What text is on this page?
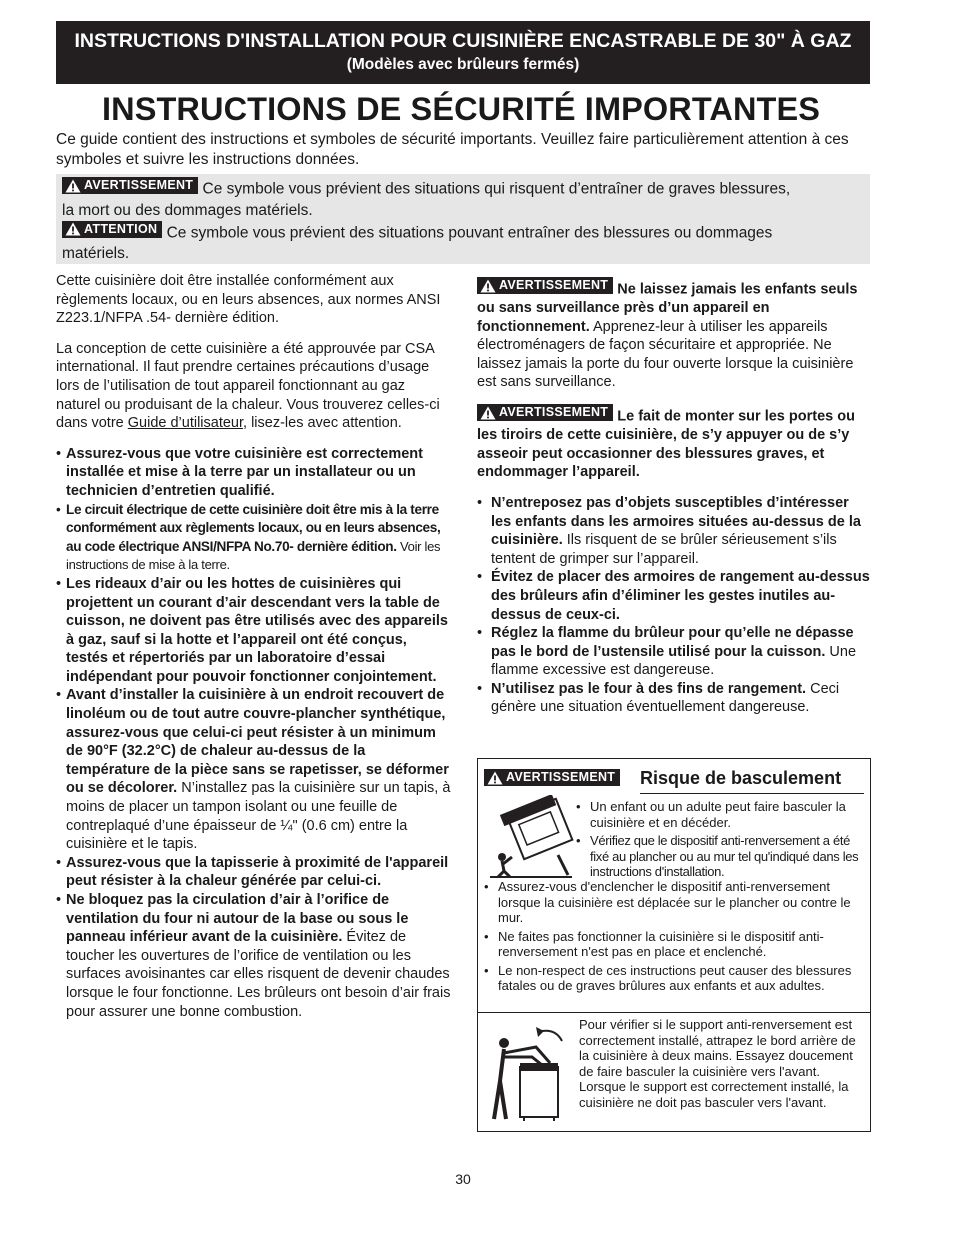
INSTRUCTIONS D'INSTALLATION POUR CUISINIÈRE ENCASTRABLE DE 30" À GAZ
(Modèles avec brûleurs fermés)
INSTRUCTIONS DE SÉCURITÉ IMPORTANTES
Ce guide contient des instructions et symboles de sécurité importants. Veuillez faire particulièrement attention à ces symboles et suivre les instructions données.
AVERTISSEMENT Ce symbole vous prévient des situations qui risquent d’entraîner de graves blessures,
la mort ou des dommages matériels.
ATTENTION Ce symbole vous prévient des situations pouvant entraîner des blessures ou dommages
matériels.

Cette cuisinière doit être installée conformément aux règlements locaux, ou en leurs absences, aux normes ANSI Z223.1/NFPA .54- dernière édition.

La conception de cette cuisinière a été approuvée par CSA international. Il faut prendre certaines précautions d’usage lors de l’utilisation de tout appareil fonctionnant au gaz naturel ou produisant de la chaleur. Vous trouverez celles-ci dans votre Guide d’utilisateur, lisez-les avec attention.

• Assurez-vous que votre cuisinière est correctement installée et mise à la terre par un installateur ou un technicien d’entretien qualifié.
• Le circuit électrique de cette cuisinière doit être mis à la terre conformément aux règlements locaux, ou en leurs absences, au code électrique ANSI/NFPA No.70- dernière édition. Voir les instructions de mise à la terre.
• Les rideaux d’air ou les hottes de cuisinières qui projettent un courant d’air descendant vers la table de cuisson, ne doivent pas être utilisés avec des appareils à gaz, sauf si la hotte et l’appareil ont été conçus, testés et répertoriés par un laboratoire d’essai indépendant pour pouvoir fonctionner conjointement.
• Avant d’installer la cuisinière à un endroit recouvert de linoléum ou de tout autre couvre-plancher synthétique, assurez-vous que celui-ci peut résister à un minimum de 90°F (32.2°C) de chaleur au-dessus de la température de la pièce sans se rapetisser, se déformer ou se décolorer. N’installez pas la cuisinière sur un tapis, à moins de placer un tampon isolant ou une feuille de contreplaqué d’une épaisseur de ¼" (0.6 cm) entre la cuisinière et le tapis.
• Assurez-vous que la tapisserie à proximité de l'appareil peut résister à la chaleur générée par celui-ci.
• Ne bloquez pas la circulation d’air à l’orifice de ventilation du four ni autour de la base ou sous le panneau inférieur avant de la cuisinière. Évitez de toucher les ouvertures de l’orifice de ventilation ou les surfaces avoisinantes car elles risquent de devenir chaudes lorsque le four fonctionne. Les brûleurs ont besoin d’air frais pour assurer une bonne combustion.

AVERTISSEMENT Ne laissez jamais les enfants seuls ou sans surveillance près d’un appareil en fonctionnement. Apprenez-leur à utiliser les appareils électroménagers de façon sécuritaire et appropriée. Ne laissez jamais la porte du four ouverte lorsque la cuisinière est sans surveillance.

AVERTISSEMENT Le fait de monter sur les portes ou les tiroirs de cette cuisinière, de s’y appuyer ou de s’y asseoir peut occasionner des blessures graves, et endommager l’appareil.

• N’entreposez pas d’objets susceptibles d’intéresser les enfants dans les armoires situées au-dessus de la cuisinière. Ils risquent de se brûler sérieusement s’ils tentent de grimper sur l’appareil.
• Évitez de placer des armoires de rangement au-dessus des brûleurs afin d’éliminer les gestes inutiles au-dessus de ceux-ci.
• Réglez la flamme du brûleur pour qu’elle ne dépasse pas le bord de l’ustensile utilisé pour la cuisson. Une flamme excessive est dangereuse.
• N’utilisez pas le four à des fins de rangement. Ceci génère une situation éventuellement dangereuse.
AVERTISSEMENT Risque de basculement
• Un enfant ou un adulte peut faire basculer la cuisinière et en décéder.
• Vérifiez que le dispositif anti-renversement a été fixé au plancher ou au mur tel qu'indiqué dans les instructions d'installation.
• Assurez-vous d'enclencher le dispositif anti-renversement lorsque la cuisinière est déplacée sur le plancher ou contre le mur.
• Ne faites pas fonctionner la cuisinière si le dispositif anti-renversement n'est pas en place et enclenché.
• Le non-respect de ces instructions peut causer des blessures fatales ou de graves brûlures aux enfants et aux adultes.
Pour vérifier si le support anti-renversement est correctement installé, attrapez le bord arrière de la cuisinière à deux mains. Essayez doucement de faire basculer la cuisinière vers l'avant. Lorsque le support est correctement installé, la cuisinière ne doit pas basculer vers l'avant.
30
